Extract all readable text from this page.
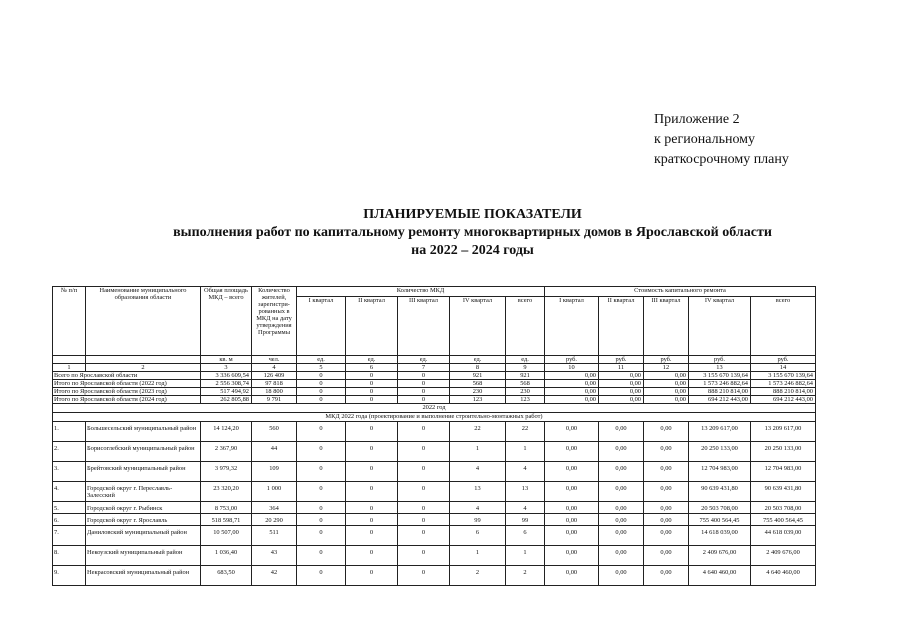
Приложение 2
к региональному
краткосрочному плану
ПЛАНИРУЕМЫЕ ПОКАЗАТЕЛИ
выполнения работ по капитальному ремонту многоквартирных домов в Ярославской области
на 2022 – 2024 годы
№ п/п	Наименование муниципального образования области	Общая площадь МКД – всего	Количество жителей, зарегистри-рованных в МКД на дату утверждения Программы	Количество МКД					Стоимость капитального ремонта				
				I квартал	II квартал	III квартал	IV квартал	всего	I квартал	II квартал	III квартал	IV квартал	всего
		кв. м	чел.	ед.	ед.	ед.	ед.	ед.	руб.	руб.	руб.	руб.	руб.
1	2	3	4	5	6	7	8	9	10	11	12	13	14
Всего по Ярославской области		3 336 609,54	126 409	0	0	0	921	921	0,00	0,00	0,00	3 155 670 139,64	3 155 670 139,64
Итого по Ярославской области (2022 год)		2 556 308,74	97 818	0	0	0	568	568	0,00	0,00	0,00	1 573 246 882,64	1 573 246 882,64
Итого по Ярославской области (2023 год)		517 494,92	18 800	0	0	0	230	230	0,00	0,00	0,00	888 210 814,00	888 210 814,00
Итого по Ярославской области (2024 год)		262 805,88	9 791	0	0	0	123	123	0,00	0,00	0,00	694 212 443,00	694 212 443,00
2022 год													
МКД 2022 года (проектирование и выполнение строительно-монтажных работ)													
1.	Большесельский муниципальный район	14 124,20	560	0	0	0	22	22	0,00	0,00	0,00	13 209 617,00	13 209 617,00
2.	Борисоглебский муниципальный район	2 367,90	44	0	0	0	1	1	0,00	0,00	0,00	20 250 133,00	20 250 133,00
3.	Брейтовский муниципальный район	3 979,32	109	0	0	0	4	4	0,00	0,00	0,00	12 704 983,00	12 704 983,00
4.	Городской округ г. Переславль-Залесский	23 320,20	1 000	0	0	0	13	13	0,00	0,00	0,00	90 639 431,80	90 639 431,80
5.	Городской округ г. Рыбинск	8 753,00	364	0	0	0	4	4	0,00	0,00	0,00	20 503 708,00	20 503 708,00
6.	Городской округ г. Ярославль	518 598,71	20 290	0	0	0	99	99	0,00	0,00	0,00	755 400 564,45	755 400 564,45
7.	Даниловский муниципальный район	10 507,00	511	0	0	0	6	6	0,00	0,00	0,00	14 618 039,00	44 618 039,00
8.	Некоузский муниципальный район	1 036,40	43	0	0	0	1	1	0,00	0,00	0,00	2 409 676,00	2 409 676,00
9.	Некрасовский муниципальный район	683,50	42	0	0	0	2	2	0,00	0,00	0,00	4 640 460,00	4 640 460,00
